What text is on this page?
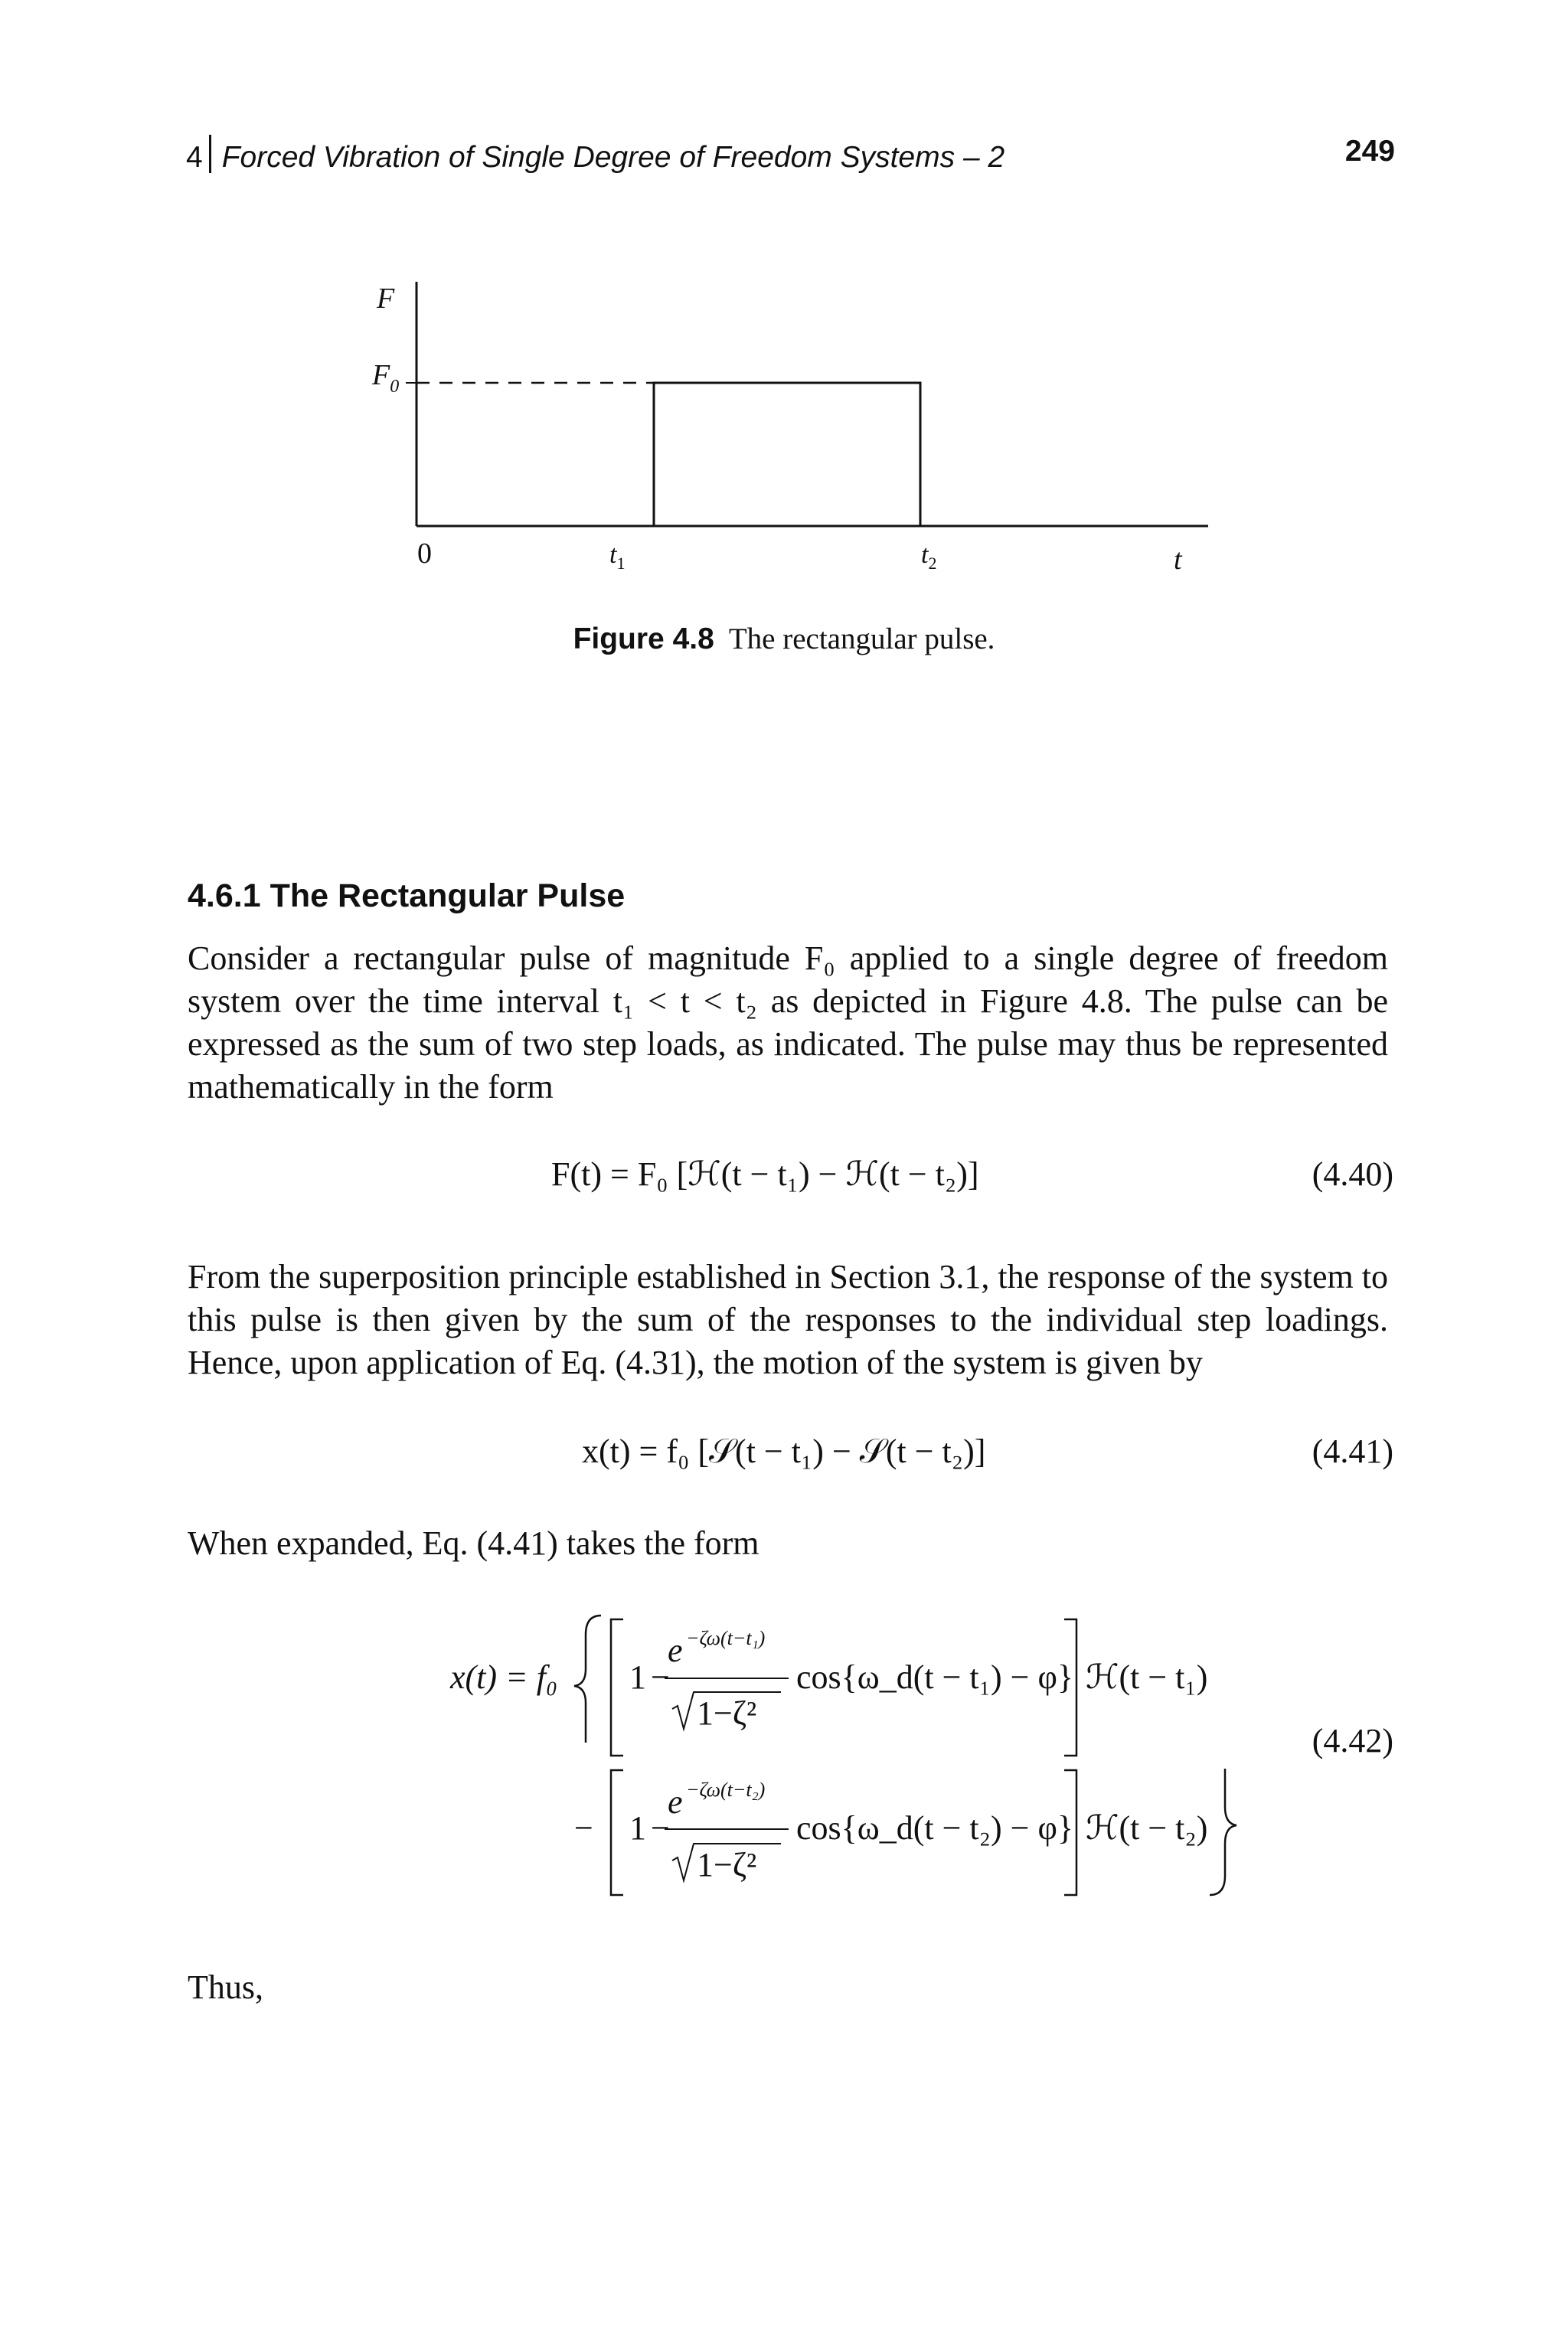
4 Forced Vibration of Single Degree of Freedom Systems – 2	249
F
$F_0$
0	$t_1$	$t_2$	t
Figure 4.8 The rectangular pulse.
4.6.1 The Rectangular Pulse
Consider a rectangular pulse of magnitude F₀ applied to a single degree of freedom system over the time interval t₁ < t < t₂ as depicted in Figure 4.8. The pulse can be expressed as the sum of two step loads, as indicated. The pulse may thus be represented mathematically in the form
F(t) = F₀ [ℋ(t − t₁) − ℋ(t − t₂)]	(4.40)
From the superposition principle established in Section 3.1, the response of the system to this pulse is then given by the sum of the responses to the individual step loadings. Hence, upon application of Eq. (4.31), the motion of the system is given by
x(t) = f₀ [𝒮(t − t₁) − 𝒮(t − t₂)]	(4.41)
When expanded, Eq. (4.41) takes the form
x(t) = f₀ 1 −
e −ζω(t−t₁)
1−ζ²
cos{ω_d(t − t₁) − φ} ℋ(t − t₁)
− 1 −
e −ζω(t−t₂)
1−ζ²
cos{ω_d(t − t₂) − φ} ℋ(t − t₂)
(4.42)
Thus,
